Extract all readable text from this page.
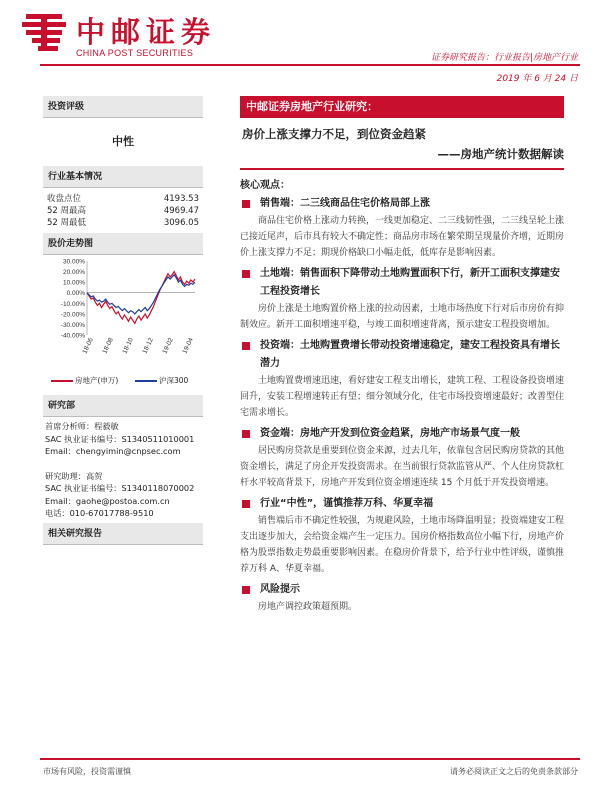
中邮证券
CHINA POST SECURITIES	证券研究报告：行业报告|房地产行业
2019 年 6 月 24 日
投资评级
中性
行业基本情况
收盘点位	4193.53
52 周最高	4969.47
52 周最低	3096.05
股价走势图
30.00%
20.00%
10.00%
0.00%
-10.00%
-20.00%
-30.00%
-40.00%
18-06 18-08 18-10 18-12 19-02 19-04
房地产(申万)	沪深300
研究部
首席分析师：程毅敏
SAC 执业证书编号：S1340511010001
Email：chengyimin@cnpsec.com
研究助理：高贺
SAC 执业证书编号：S1340118070002
Email：gaohe@postoa.com.cn
电话：010-67017788-9510
相关研究报告
中邮证券房地产行业研究：
房价上涨支撑力不足，到位资金趋紧
——房地产统计数据解读
核心观点：
销售端：二三线商品住宅价格局部上涨
商品住宅价格上涨动力转换，一线更加稳定、二三线韧性强，二三线呈轮上涨已接近尾声，后市具有较大不确定性；商品房市场在繁荣期呈现量价齐增，近期房价上涨支撑力不足；期现价格缺口小幅走低，低库存是影响因素。
土地端：销售面积下降带动土地购置面积下行，新开工面积支撑建安工程投资增长
房价上涨是土地购置价格上涨的拉动因素，土地市场热度下行对后市房价有抑制效应。新开工面积增速平稳，与竣工面积增速背离，预示建安工程投资增加。
投资端：土地购置费增长带动投资增速稳定，建安工程投资具有增长潜力
土地购置费增速迅速，看好建安工程支出增长，建筑工程、工程设备投资增速回升，安装工程增速转正有望；细分领域分化，住宅市场投资增速最好；改善型住宅需求增长。
资金端：房地产开发到位资金趋紧，房地产市场景气度一般
居民购房贷款是重要到位资金来源，过去几年，依靠包含居民购房贷款的其他资金增长，满足了房企开发投资需求。在当前银行贷款监管从严、个人住房贷款杠杆水平较高背景下，房地产开发到位资金增速连续 15 个月低于开发投资增速。
行业“中性”，谨慎推荐万科、华夏幸福
销售端后市不确定性较强，为规避风险，土地市场降温明显；投资端建安工程支出逐步加大，会给资金端产生一定压力。国房价格指数高位小幅下行，房地产价格为股票指数走势最重要影响因素。在稳房价背景下，给予行业中性评级，谨慎推荐万科 A、华夏幸福。
风险提示
房地产调控政策超预期。
市场有风险，投资需谨慎	请务必阅读正文之后的免责条款部分
